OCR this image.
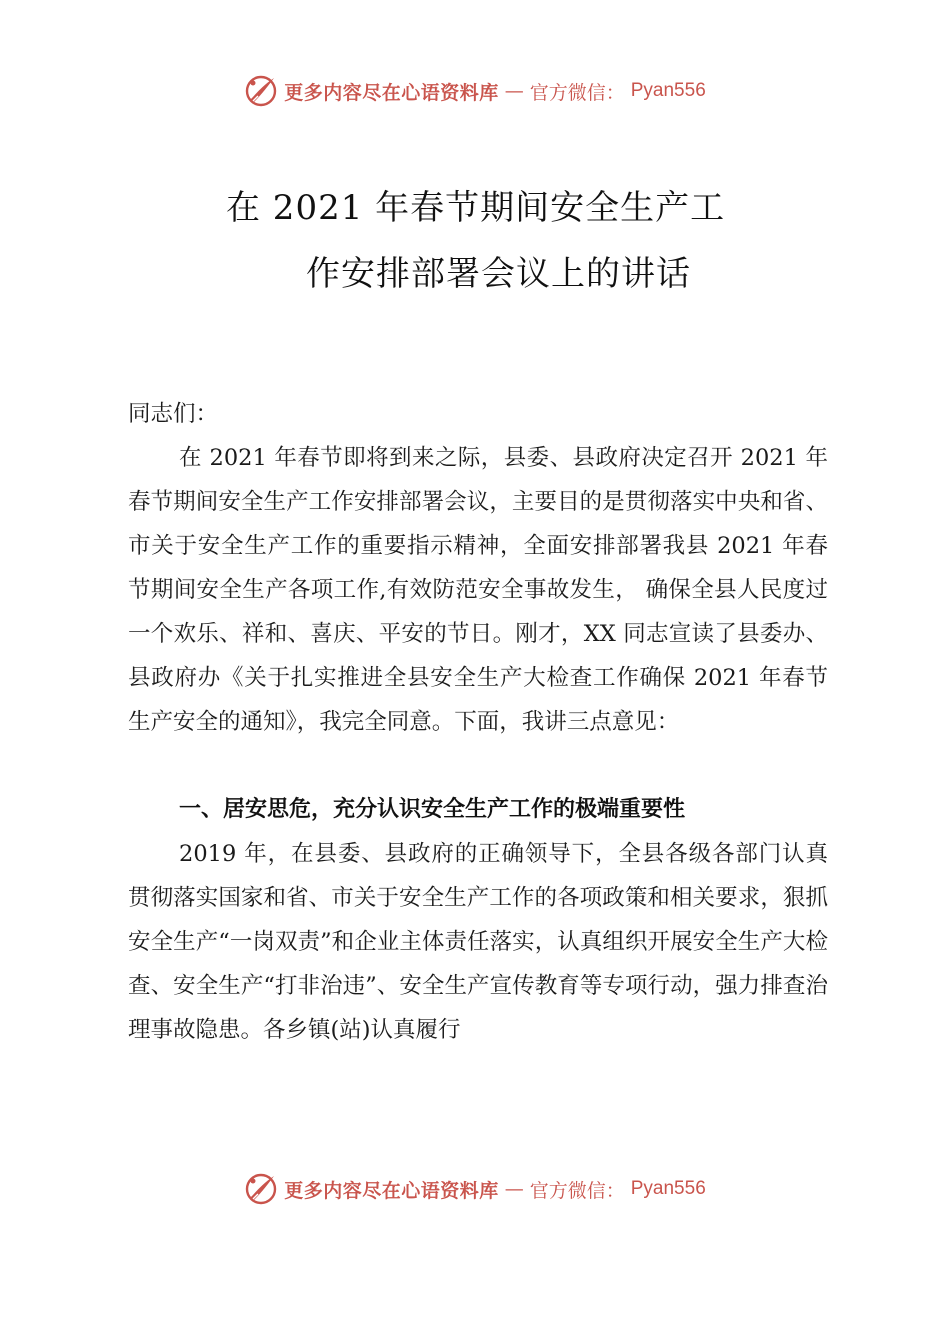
更多内容尽在心语资料库 — 官方微信： Pyan556
在 2021 年春节期间安全生产工
作安排部署会议上的讲话
同志们：
在 2021 年春节即将到来之际，县委、县政府决定召开 2021 年春节期间安全生产工作安排部署会议，主要目的是贯彻落实中央和省、市关于安全生产工作的重要指示精神，全面安排部署我县 2021 年春节期间安全生产各项工作,有效防范安全事故发生， 确保全县人民度过一个欢乐、祥和、喜庆、平安的节日。刚才，XX 同志宣读了县委办、县政府办《关于扎实推进全县安全生产大检查工作确保 2021 年春节生产安全的通知》，我完全同意。下面，我讲三点意见：
一、居安思危，充分认识安全生产工作的极端重要性
2019 年，在县委、县政府的正确领导下，全县各级各部门认真贯彻落实国家和省、市关于安全生产工作的各项政策和相关要求，狠抓安全生产“一岗双责”和企业主体责任落实，认真组织开展安全生产大检查、安全生产“打非治违”、安全生产宣传教育等专项行动，强力排查治理事故隐患。各乡镇(站)认真履行
更多内容尽在心语资料库 — 官方微信： Pyan556
